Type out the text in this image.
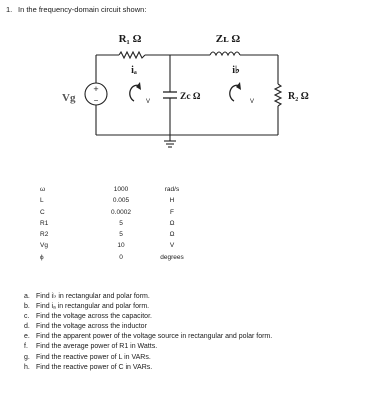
1. In the frequency-domain circuit shown:
+
−
R₁ Ω	Zʟ Ω
iₐ	i♭
Vg	Zc Ω	R₂ Ω
V	V
ω	1000	rad/s
L	0.005	H
C	0.0002	F
R1	5	Ω
R2	5	Ω
Vg	10	V
ϕ	0	degrees
a. Find i♭ in rectangular and polar form.
b. Find iₐ in rectangular and polar form.
c. Find the voltage across the capacitor.
d. Find the voltage across the inductor
e. Find the apparent power of the voltage source in rectangular and polar form.
f. Find the average power of R1 in Watts.
g. Find the reactive power of L in VARs.
h. Find the reactive power of C in VARs.
